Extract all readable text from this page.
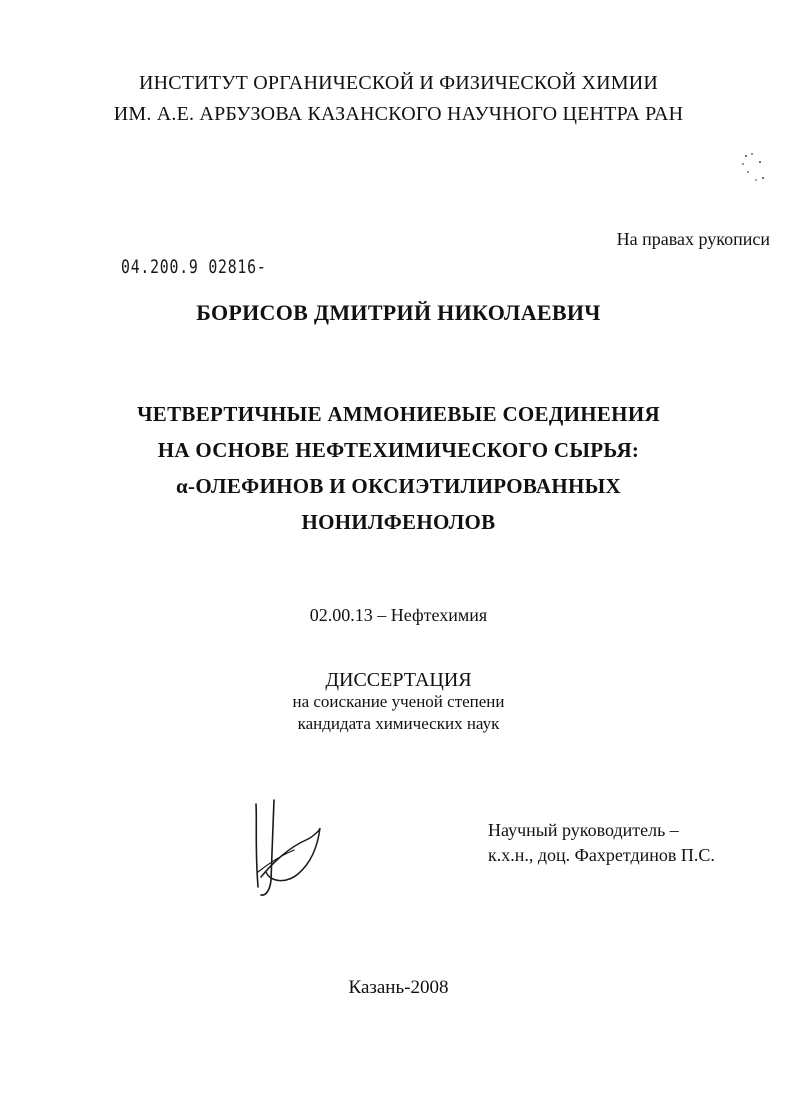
ИНСТИТУТ ОРГАНИЧЕСКОЙ И ФИЗИЧЕСКОЙ ХИМИИ
ИМ. А.Е. АРБУЗОВА КАЗАНСКОГО НАУЧНОГО ЦЕНТРА РАН
На правах рукописи
04.200.9 02816-
БОРИСОВ ДМИТРИЙ НИКОЛАЕВИЧ
ЧЕТВЕРТИЧНЫЕ АММОНИЕВЫЕ СОЕДИНЕНИЯ
НА ОСНОВЕ НЕФТЕХИМИЧЕСКОГО СЫРЬЯ:
α-ОЛЕФИНОВ И ОКСИЭТИЛИРОВАННЫХ
НОНИЛФЕНОЛОВ
02.00.13 – Нефтехимия
ДИССЕРТАЦИЯ
на соискание ученой степени
кандидата химических наук
Научный руководитель –
к.х.н., доц. Фахретдинов П.С.
Казань-2008
